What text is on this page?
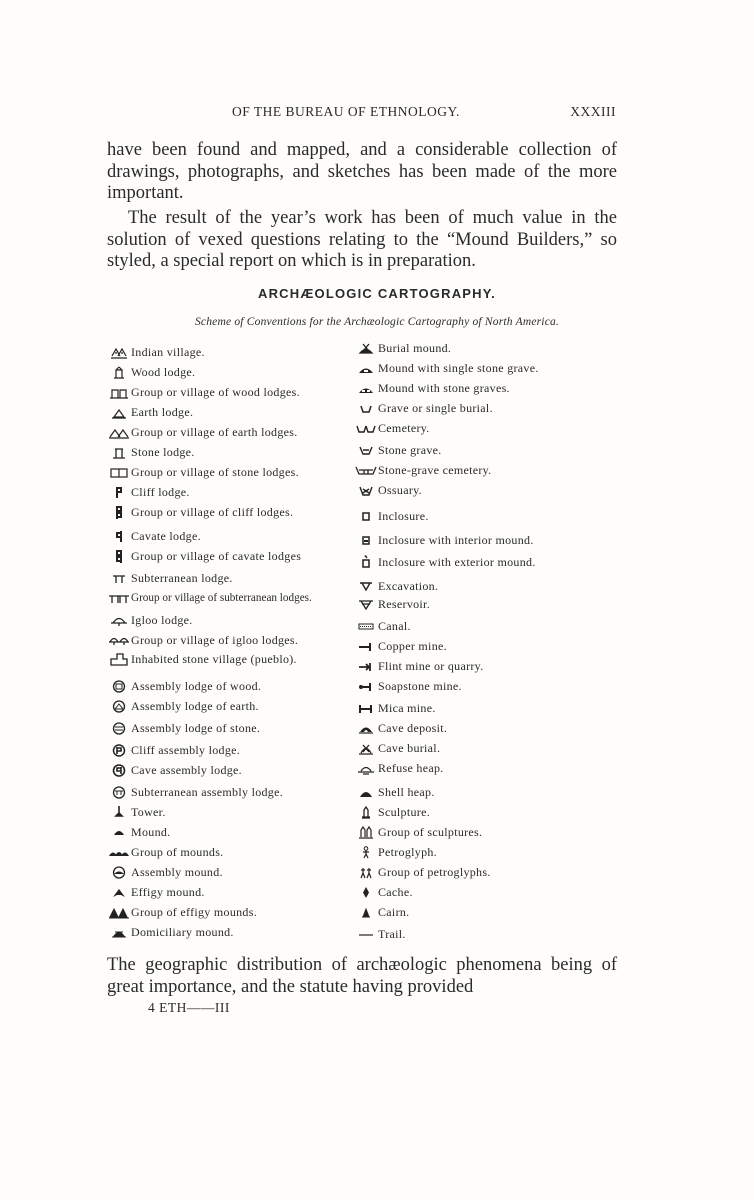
OF THE BUREAU OF ETHNOLOGY.	XXXIII
have been found and mapped, and a considerable collection of drawings, photographs, and sketches has been made of the more important.
The result of the year’s work has been of much value in the solution of vexed questions relating to the “Mound Builders,” so styled, a special report on which is in preparation.
ARCHÆOLOGIC CARTOGRAPHY.
Scheme of Conventions for the Archæologic Cartography of North America.
Indian village.
Wood lodge.
Group or village of wood lodges.
Earth lodge.
Group or village of earth lodges.
Stone lodge.
Group or village of stone lodges.
Cliff lodge.
Group or village of cliff lodges.
Cavate lodge.
Group or village of cavate lodges
Subterranean lodge.
Group or village of subterranean lodges.
Igloo lodge.
Group or village of igloo lodges.
Inhabited stone village (pueblo).
Assembly lodge of wood.
Assembly lodge of earth.
Assembly lodge of stone.
Cliff assembly lodge.
Cave assembly lodge.
Subterranean assembly lodge.
Tower.
Mound.
Group of mounds.
Assembly mound.
Effigy mound.
Group of effigy mounds.
Domiciliary mound.
Burial mound.
Mound with single stone grave.
Mound with stone graves.
Grave or single burial.
Cemetery.
Stone grave.
Stone-grave cemetery.
Ossuary.
Inclosure.
Inclosure with interior mound.
Inclosure with exterior mound.
Excavation.
Reservoir.
Canal.
Copper mine.
Flint mine or quarry.
Soapstone mine.
Mica mine.
Cave deposit.
Cave burial.
Refuse heap.
Shell heap.
Sculpture.
Group of sculptures.
Petroglyph.
Group of petroglyphs.
Cache.
Cairn.
Trail.
The geographic distribution of archæologic phenomena being of great importance, and the statute having provided
4 ETH——III
